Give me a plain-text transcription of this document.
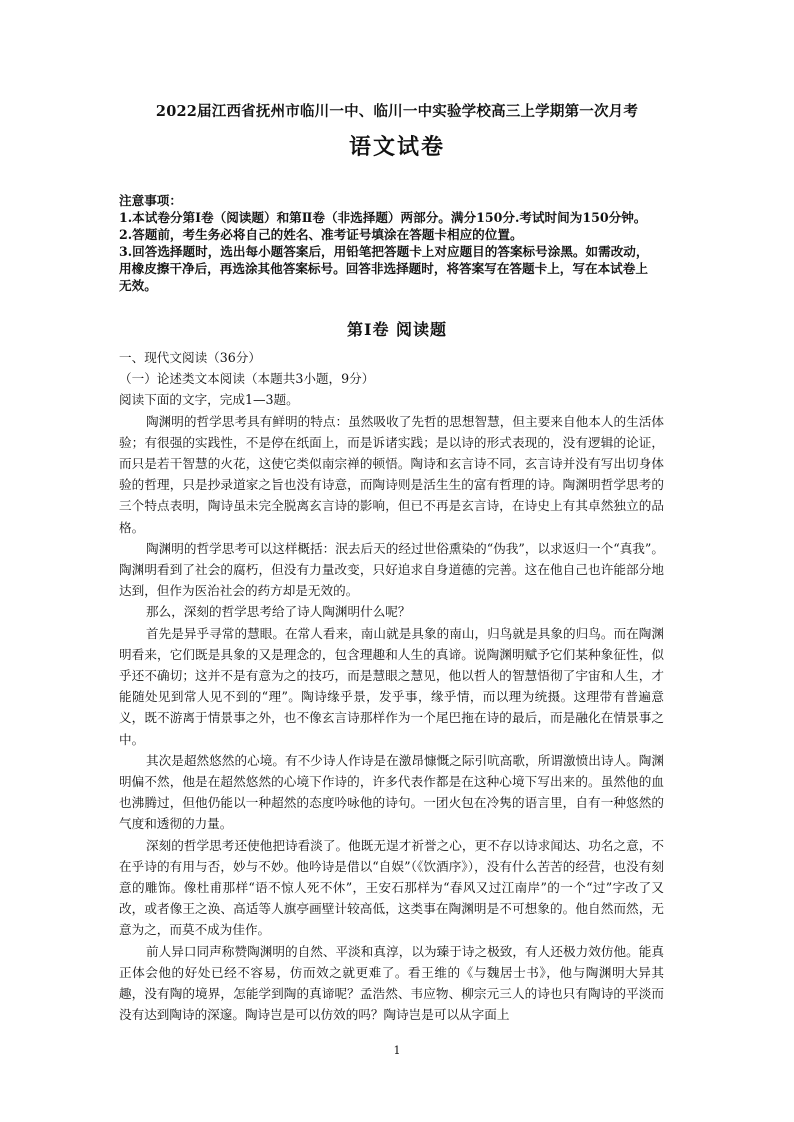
2022届江西省抚州市临川一中、临川一中实验学校高三上学期第一次月考
语文试卷
注意事项：
1.本试卷分第Ⅰ卷（阅读题）和第Ⅱ卷（非选择题）两部分。满分150分.考试时间为150分钟。
2.答题前，考生务必将自己的姓名、准考证号填涂在答题卡相应的位置。
3.回答选择题时，选出每小题答案后，用铅笔把答题卡上对应题目的答案标号涂黑。如需改动，用橡皮擦干净后，再选涂其他答案标号。回答非选择题时，将答案写在答题卡上，写在本试卷上无效。
第Ⅰ卷 阅读题
一、现代文阅读（36分）
（一）论述类文本阅读（本题共3小题，9分）
阅读下面的文字，完成1—3题。
陶渊明的哲学思考具有鲜明的特点：虽然吸收了先哲的思想智慧，但主要来自他本人的生活体验；有很强的实践性，不是停在纸面上，而是诉诸实践；是以诗的形式表现的，没有逻辑的论证，而只是若干智慧的火花，这使它类似南宗禅的顿悟。陶诗和玄言诗不同，玄言诗并没有写出切身体验的哲理，只是抄录道家之旨也没有诗意，而陶诗则是活生生的富有哲理的诗。陶渊明哲学思考的三个特点表明，陶诗虽未完全脱离玄言诗的影响，但已不再是玄言诗，在诗史上有其卓然独立的品格。
陶渊明的哲学思考可以这样概括：泯去后天的经过世俗熏染的“伪我”，以求返归一个“真我”。陶渊明看到了社会的腐朽，但没有力量改变，只好追求自身道德的完善。这在他自己也许能部分地达到，但作为医治社会的药方却是无效的。
那么，深刻的哲学思考给了诗人陶渊明什么呢？
首先是异乎寻常的慧眼。在常人看来，南山就是具象的南山，归鸟就是具象的归鸟。而在陶渊明看来，它们既是具象的又是理念的，包含理趣和人生的真谛。说陶渊明赋予它们某种象征性，似乎还不确切；这并不是有意为之的技巧，而是慧眼之慧见，他以哲人的智慧悟彻了宇宙和人生，才能随处见到常人见不到的“理”。陶诗缘乎景，发乎事，缘乎情，而以理为统摄。这理带有普遍意义，既不游离于情景事之外，也不像玄言诗那样作为一个尾巴拖在诗的最后，而是融化在情景事之中。
其次是超然悠然的心境。有不少诗人作诗是在激昂慷慨之际引吭高歌，所谓激愤出诗人。陶渊明偏不然，他是在超然悠然的心境下作诗的，许多代表作都是在这种心境下写出来的。虽然他的血也沸腾过，但他仍能以一种超然的态度吟咏他的诗句。一团火包在冷隽的语言里，自有一种悠然的气度和透彻的力量。
深刻的哲学思考还使他把诗看淡了。他既无逞才祈誉之心，更不存以诗求闻达、功名之意，不在乎诗的有用与否，妙与不妙。他吟诗是借以“自娱”（《饮酒序》），没有什么苦苦的经营，也没有刻意的雕饰。像杜甫那样“语不惊人死不休”，王安石那样为“春风又过江南岸”的一个“过”字改了又改，或者像王之涣、高适等人旗亭画壁计较高低，这类事在陶渊明是不可想象的。他自然而然，无意为之，而莫不成为佳作。
前人异口同声称赞陶渊明的自然、平淡和真淳，以为臻于诗之极致，有人还极力效仿他。能真正体会他的好处已经不容易，仿而效之就更难了。看王维的《与魏居士书》，他与陶渊明大异其趣，没有陶的境界，怎能学到陶的真谛呢？孟浩然、韦应物、柳宗元三人的诗也只有陶诗的平淡而没有达到陶诗的深邃。陶诗岂是可以仿效的吗？陶诗岂是可以从字面上
1
